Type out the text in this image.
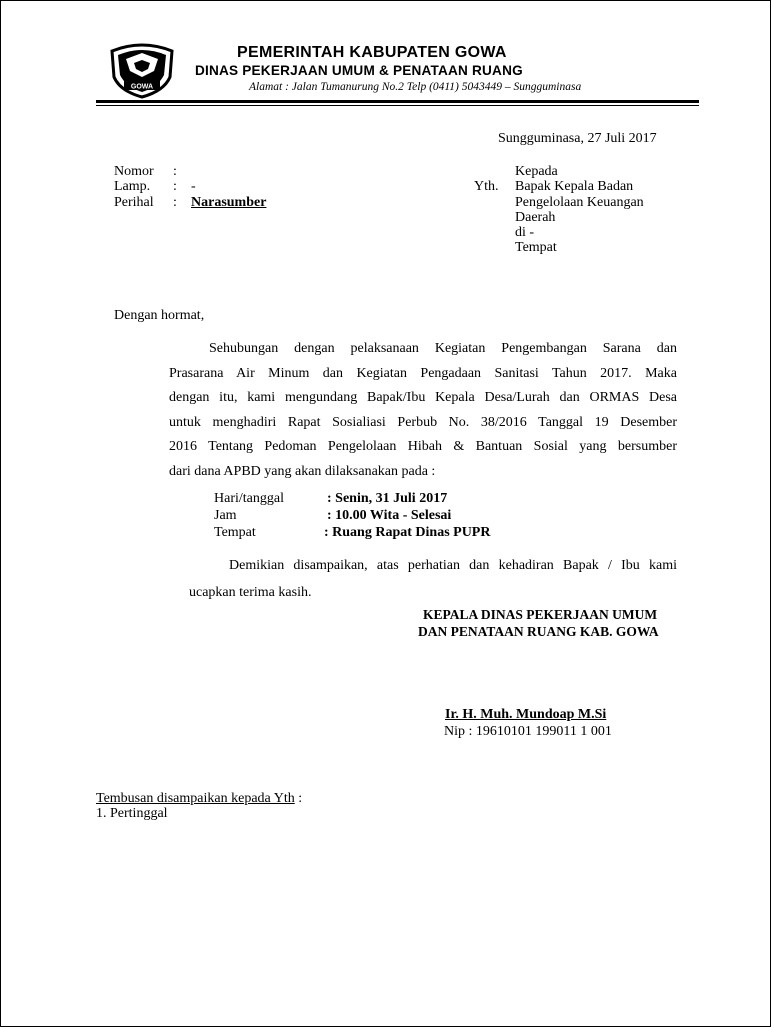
GOWA
PEMERINTAH KABUPATEN GOWA
DINAS PEKERJAAN UMUM & PENATAAN RUANG
Alamat : Jalan Tumanurung No.2 Telp (0411) 5043449 – Sungguminasa
Sungguminasa, 27 Juli 2017
Nomor :
Lamp. : -
Perihal : Narasumber
Kepada
Yth. Bapak Kepala Badan
Pengelolaan Keuangan
Daerah
di -
Tempat
Dengan hormat,
Sehubungan dengan pelaksanaan Kegiatan Pengembangan Sarana dan
Prasarana Air Minum dan Kegiatan Pengadaan Sanitasi Tahun 2017. Maka
dengan itu, kami mengundang Bapak/Ibu Kepala Desa/Lurah dan ORMAS Desa
untuk menghadiri Rapat Sosialiasi Perbub No. 38/2016 Tanggal 19 Desember
2016 Tentang Pedoman Pengelolaan Hibah & Bantuan Sosial yang bersumber
dari dana APBD yang akan dilaksanakan pada :
Hari/tanggal	: Senin, 31 Juli 2017
Jam	: 10.00 Wita - Selesai
Tempat	: Ruang Rapat Dinas PUPR
Demikian disampaikan, atas perhatian dan kehadiran Bapak / Ibu kami
ucapkan terima kasih.
KEPALA DINAS PEKERJAAN UMUM
DAN PENATAAN RUANG KAB. GOWA
Ir. H. Muh. Mundoap M.Si
Nip : 19610101 199011 1 001
Tembusan disampaikan kepada Yth :
1. Pertinggal
